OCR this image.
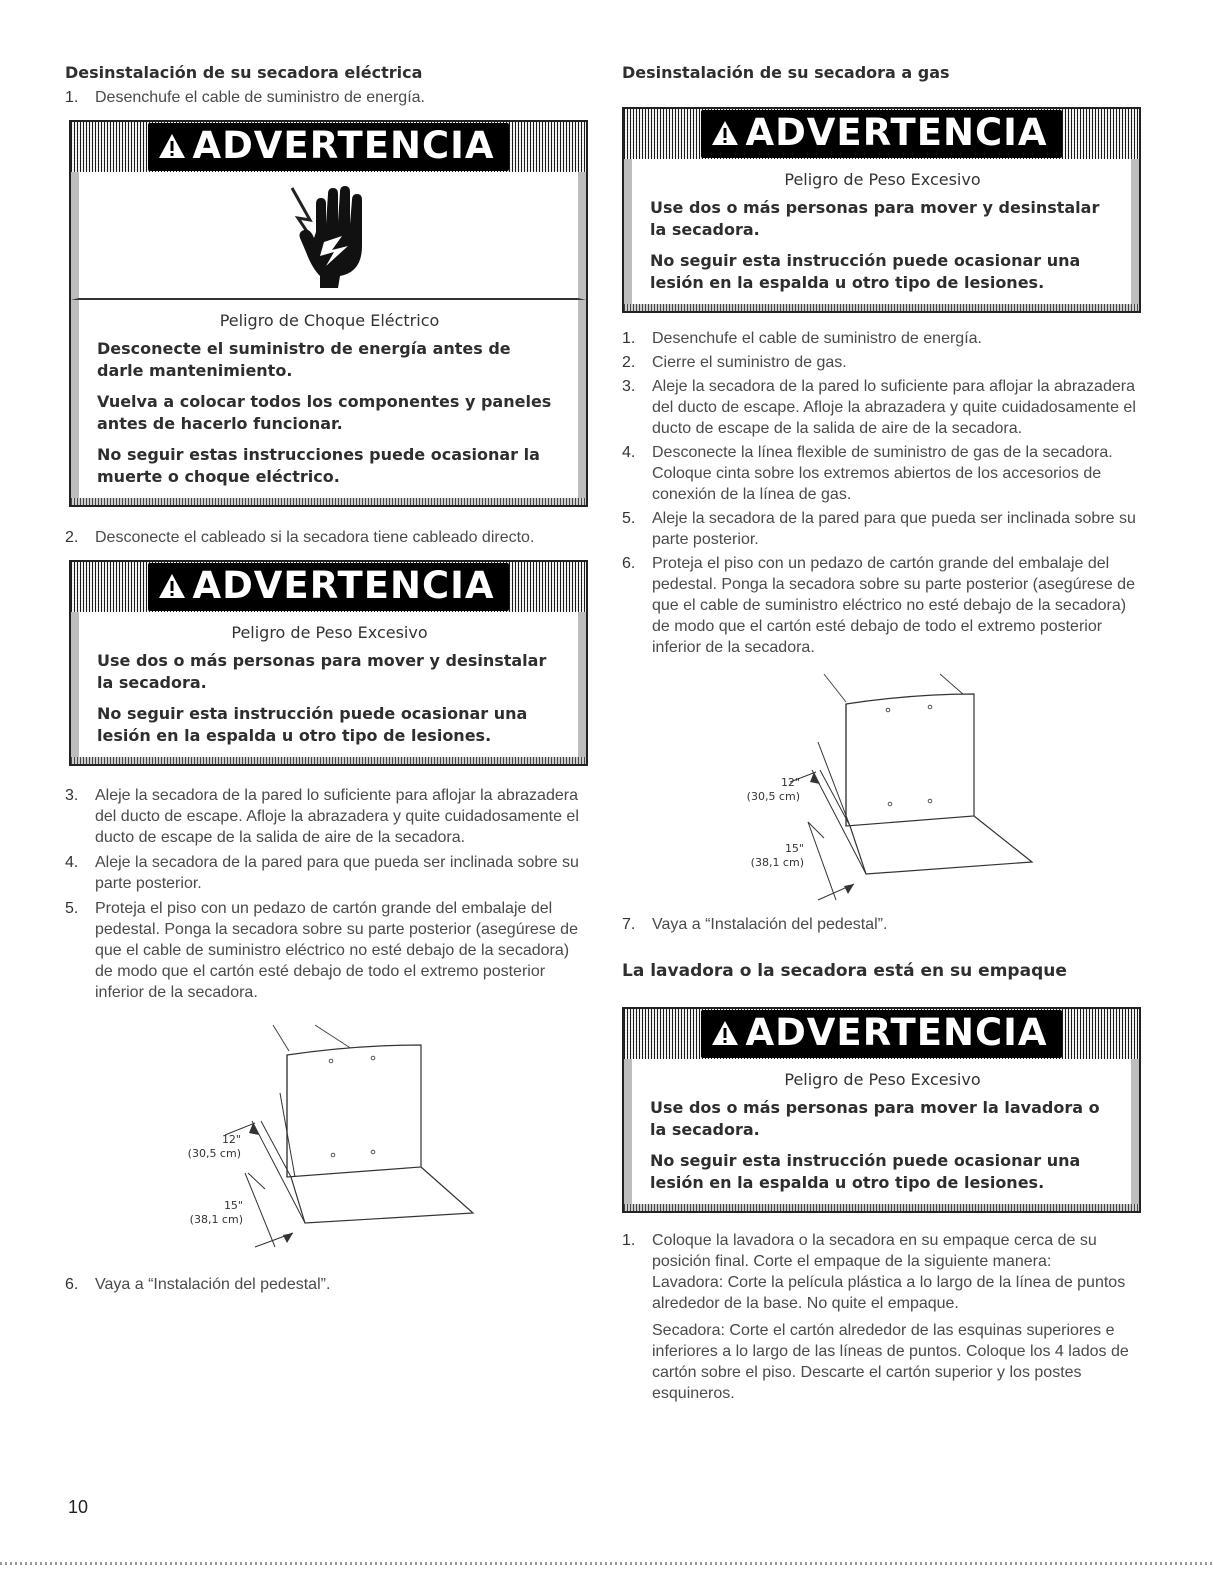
Desinstalación de su secadora eléctrica
1 . Desenchufe el cable de suministro de energía.
ADVERTENCIA
Peligro de Choque Eléctrico
Desconecte el suministro de energía antes de darle mantenimiento.
Vuelva a colocar todos los componentes y paneles antes de hacerlo funcionar.
No seguir estas instrucciones puede ocasionar la muerte o choque eléctrico.
2 . Desconecte el cableado si la secadora tiene cableado directo.
ADVERTENCIA
Peligro de Peso Excesivo
Use dos o más personas para mover y desinstalar la secadora.
No seguir esta instrucción puede ocasionar una lesión en la espalda u otro tipo de lesiones.
3 . Aleje la secadora de la pared lo suficiente para aflojar la abrazadera del ducto de escape. Afloje la abrazadera y quite cuidadosamente el ducto de escape de la salida de aire de la secadora.
4 . Aleje la secadora de la pared para que pueda ser inclinada sobre su parte posterior.
5 . Proteja el piso con un pedazo de cartón grande del embalaje del pedestal. Ponga la secadora sobre su parte posterior (asegúrese de que el cable de suministro eléctrico no esté debajo de la secadora) de modo que el cartón esté debajo de todo el extremo posterior inferior de la secadora.
12"
(30,5 cm)
15"
(38,1 cm)
6 . Vaya a “Instalación del pedestal”.
Desinstalación de su secadora a gas
ADVERTENCIA
Peligro de Peso Excesivo
Use dos o más personas para mover y desinstalar la secadora.
No seguir esta instrucción puede ocasionar una lesión en la espalda u otro tipo de lesiones.
1 . Desenchufe el cable de suministro de energía.
2 . Cierre el suministro de gas.
3 . Aleje la secadora de la pared lo suficiente para aflojar la abrazadera del ducto de escape. Afloje la abrazadera y quite cuidadosamente el ducto de escape de la salida de aire de la secadora.
4 . Desconecte la línea flexible de suministro de gas de la secadora. Coloque cinta sobre los extremos abiertos de los accesorios de conexión de la línea de gas.
5 . Aleje la secadora de la pared para que pueda ser inclinada sobre su parte posterior.
6 . Proteja el piso con un pedazo de cartón grande del embalaje del pedestal. Ponga la secadora sobre su parte posterior (asegúrese de que el cable de suministro eléctrico no esté debajo de la secadora) de modo que el cartón esté debajo de todo el extremo posterior inferior de la secadora.
12"
(30,5 cm)
15"
(38,1 cm)
7 . Vaya a “Instalación del pedestal”.
La lavadora o la secadora está en su empaque
ADVERTENCIA
Peligro de Peso Excesivo
Use dos o más personas para mover la lavadora o la secadora.
No seguir esta instrucción puede ocasionar una lesión en la espalda u otro tipo de lesiones.
1 . Coloque la lavadora o la secadora en su empaque cerca de su posición final. Corte el empaque de la siguiente manera:
Lavadora: Corte la película plástica a lo largo de la línea de puntos alrededor de la base. No quite el empaque.
Secadora: Corte el cartón alrededor de las esquinas superiores e inferiores a lo largo de las líneas de puntos. Coloque los 4 lados de cartón sobre el piso. Descarte el cartón superior y los postes esquineros.
10
